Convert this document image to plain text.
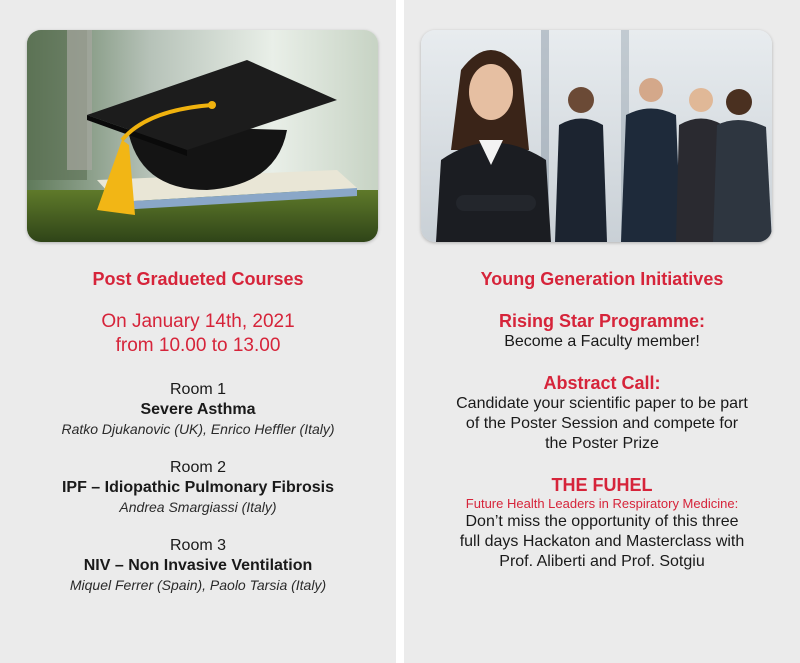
Post Gradueted Courses
On January 14th, 2021
from 10.00 to 13.00
Room 1
Severe Asthma
Ratko Djukanovic (UK), Enrico Heffler (Italy)
Room 2
IPF – Idiopathic Pulmonary Fibrosis
Andrea Smargiassi (Italy)
Room 3
NIV – Non Invasive Ventilation
Miquel Ferrer (Spain), Paolo Tarsia (Italy)
Young Generation Initiatives
Rising Star Programme:
Become a Faculty member!
Abstract Call:
Candidate your scientific paper to be part
of the Poster Session and compete for
the Poster Prize
THE FUHEL
Future Health Leaders in Respiratory Medicine:
Don’t miss the opportunity of this three
full days Hackaton and Masterclass with
Prof. Aliberti and Prof. Sotgiu
